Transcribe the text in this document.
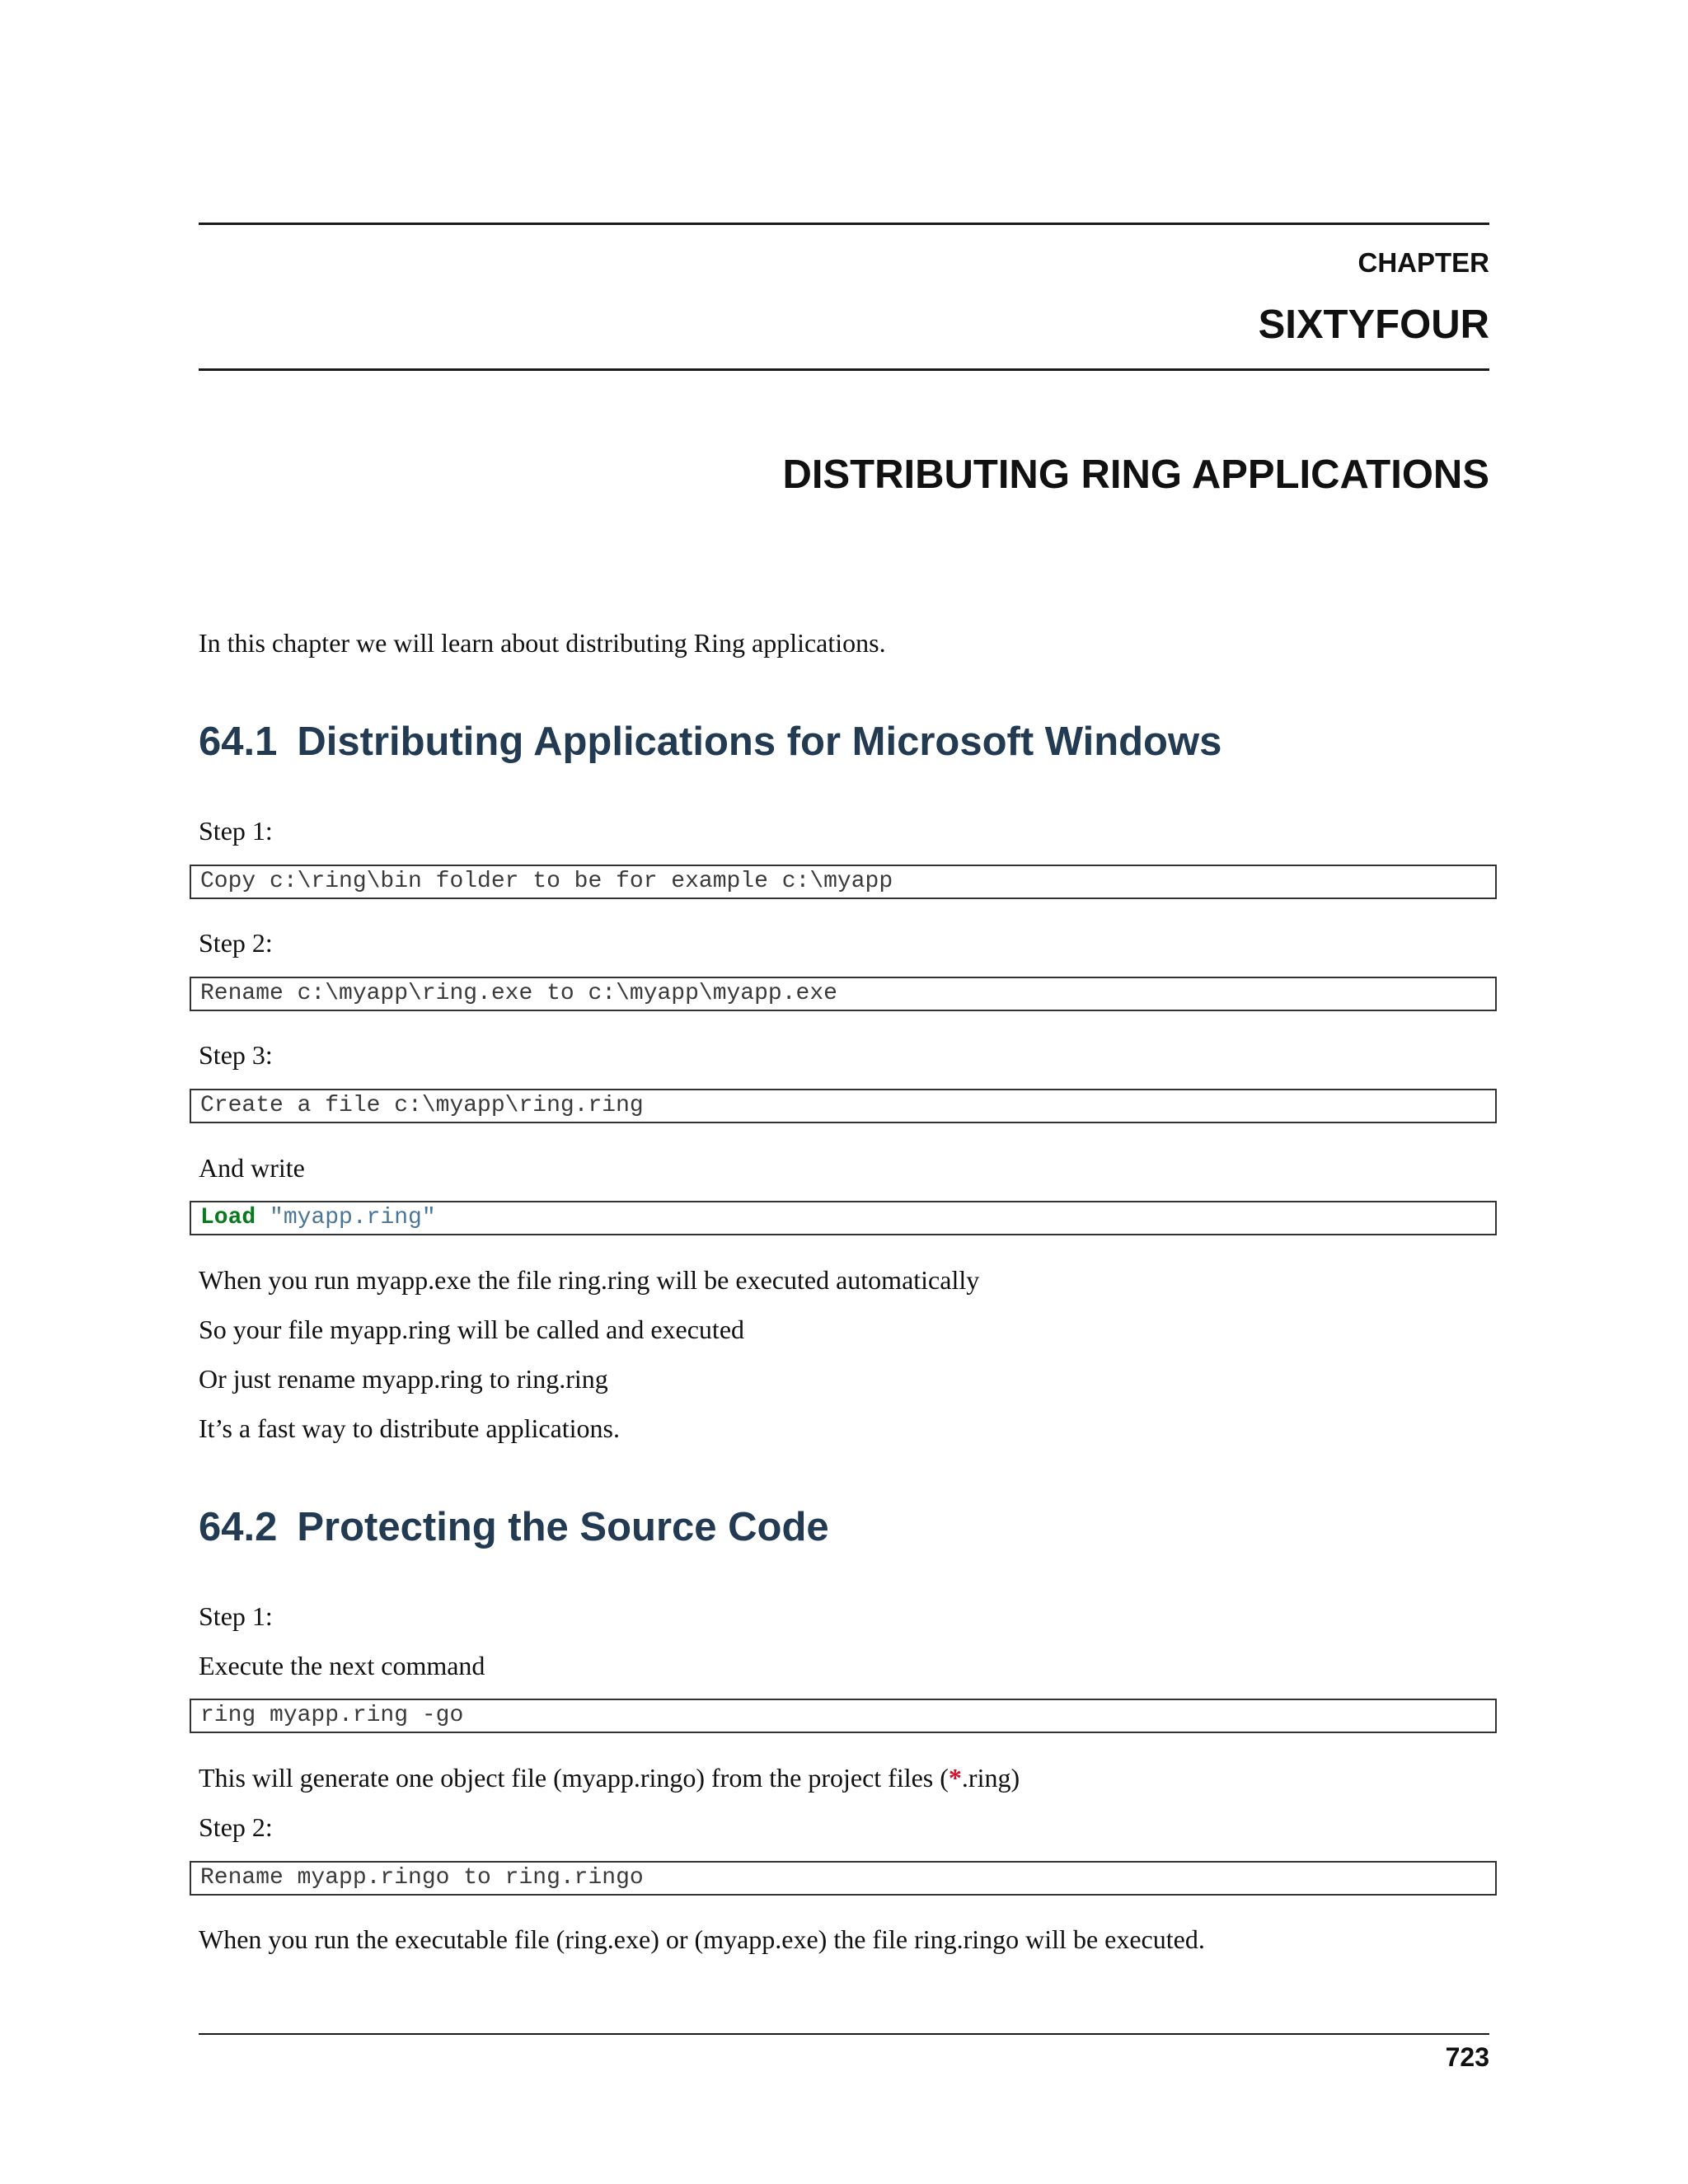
CHAPTER
SIXTYFOUR
DISTRIBUTING RING APPLICATIONS
In this chapter we will learn about distributing Ring applications.
64.1 Distributing Applications for Microsoft Windows
Step 1:
Copy c:\ring\bin folder to be for example c:\myapp
Step 2:
Rename c:\myapp\ring.exe to c:\myapp\myapp.exe
Step 3:
Create a file c:\myapp\ring.ring
And write
Load "myapp.ring"
When you run myapp.exe the file ring.ring will be executed automatically
So your file myapp.ring will be called and executed
Or just rename myapp.ring to ring.ring
It’s a fast way to distribute applications.
64.2 Protecting the Source Code
Step 1:
Execute the next command
ring myapp.ring -go
This will generate one object file (myapp.ringo) from the project files (*.ring)
Step 2:
Rename myapp.ringo to ring.ringo
When you run the executable file (ring.exe) or (myapp.exe) the file ring.ringo will be executed.
723
